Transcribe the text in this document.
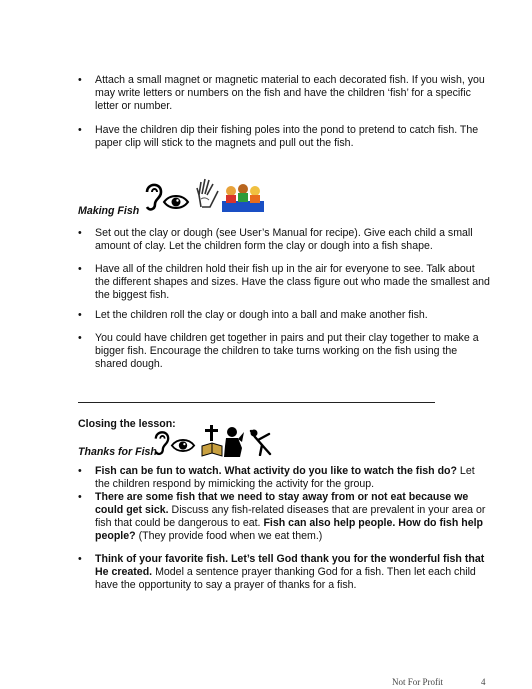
•	Attach a small magnet or magnetic material to each decorated fish. If you wish, you may write letters or numbers on the fish and have the children ‘fish’ for a specific letter or number.
•	Have the children dip their fishing poles into the pond to pretend to catch fish. The paper clip will stick to the magnets and pull out the fish.
Making Fish
•	Set out the clay or dough (see User’s Manual for recipe). Give each child a small amount of clay. Let the children form the clay or dough into a fish shape.
•	Have all of the children hold their fish up in the air for everyone to see. Talk about the different shapes and sizes. Have the class figure out who made the smallest and the biggest fish.
•	Let the children roll the clay or dough into a ball and make another fish.
•	You could have children get together in pairs and put their clay together to make a bigger fish. Encourage the children to take turns working on the fish using the shared dough.
Closing the lesson:
Thanks for Fish
•	Fish can be fun to watch. What activity do you like to watch the fish do? Let the children respond by mimicking the activity for the group.
•	There are some fish that we need to stay away from or not eat because we could get sick. Discuss any fish-related diseases that are prevalent in your area or fish that could be dangerous to eat. Fish can also help people. How do fish help people? (They provide food when we eat them.)
•	Think of your favorite fish. Let’s tell God thank you for the wonderful fish that He created. Model a sentence prayer thanking God for a fish. Then let each child have the opportunity to say a prayer of thanks for a fish.
Not For Profit	4
